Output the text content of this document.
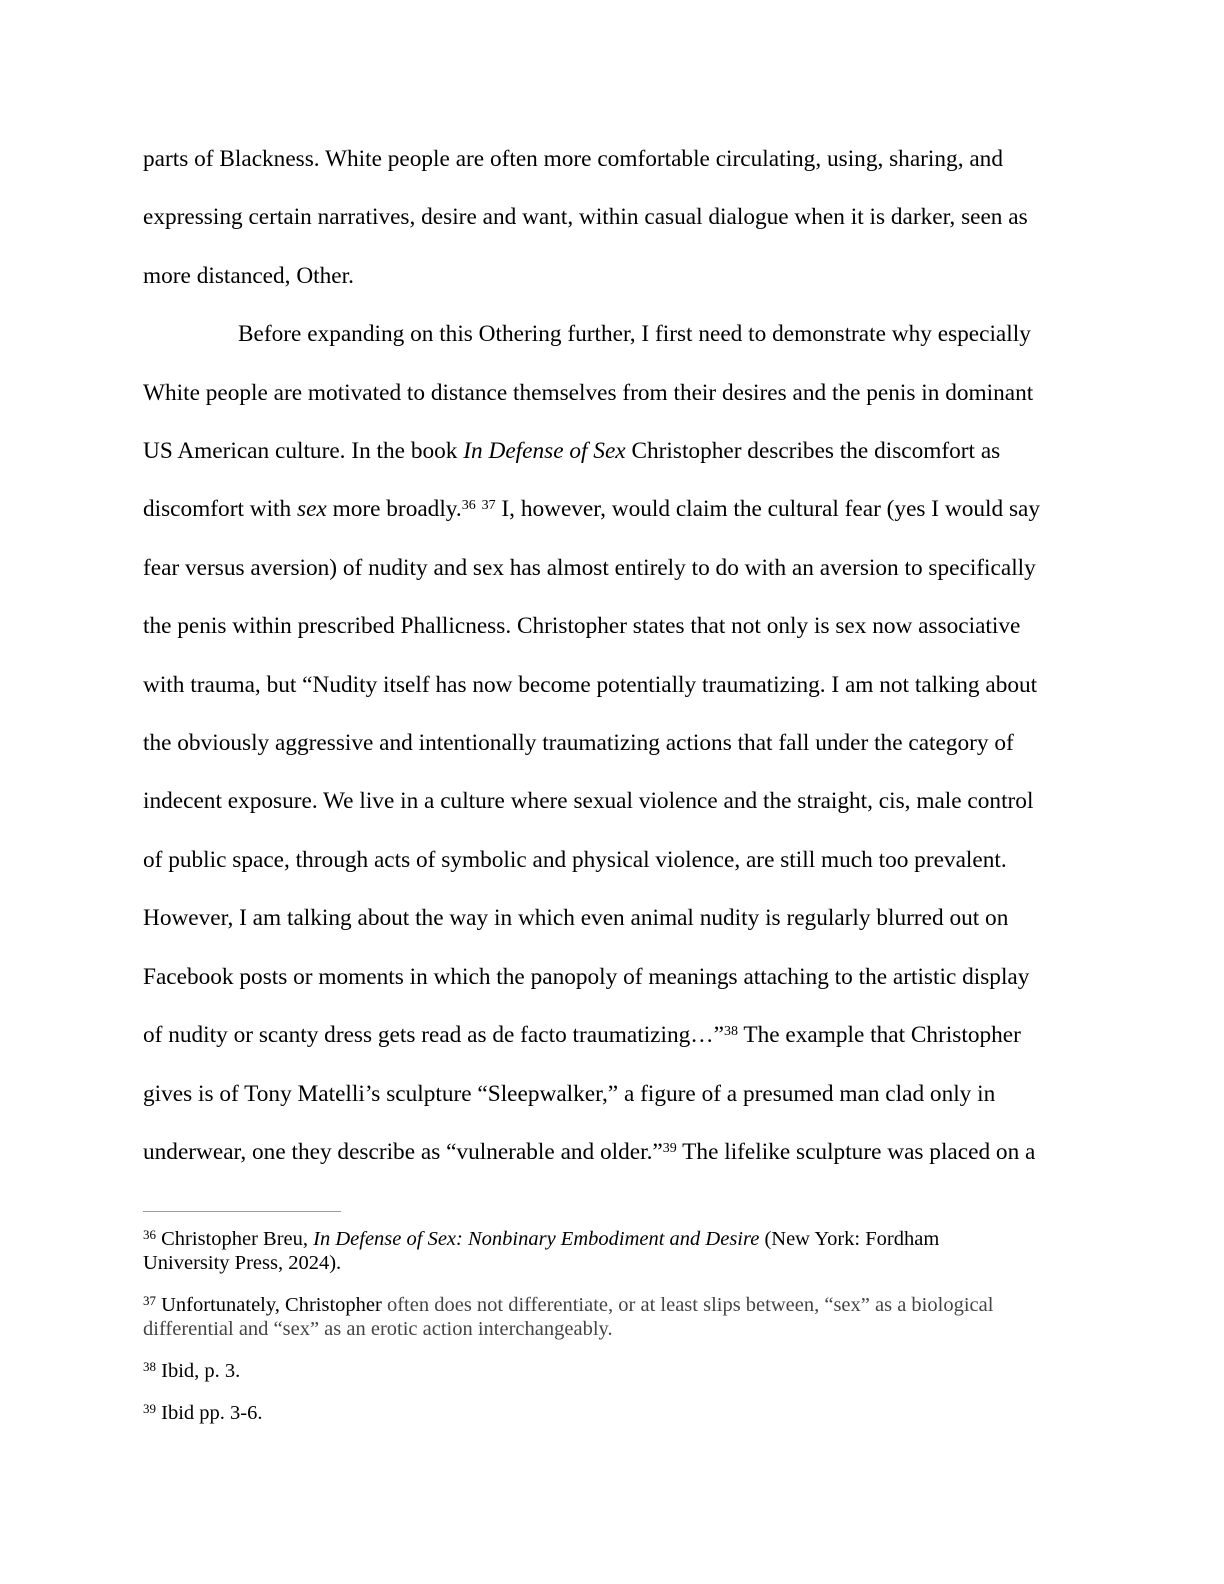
parts of Blackness. White people are often more comfortable circulating, using, sharing, and
expressing certain narratives, desire and want, within casual dialogue when it is darker, seen as
more distanced, Other.
Before expanding on this Othering further, I first need to demonstrate why especially
White people are motivated to distance themselves from their desires and the penis in dominant
US American culture. In the book In Defense of Sex Christopher describes the discomfort as
discomfort with sex more broadly.$^{36}$ $^{37}$ I, however, would claim the cultural fear (yes I would say
fear versus aversion) of nudity and sex has almost entirely to do with an aversion to specifically
the penis within prescribed Phallicness. Christopher states that not only is sex now associative
with trauma, but “Nudity itself has now become potentially traumatizing. I am not talking about
the obviously aggressive and intentionally traumatizing actions that fall under the category of
indecent exposure. We live in a culture where sexual violence and the straight, cis, male control
of public space, through acts of symbolic and physical violence, are still much too prevalent.
However, I am talking about the way in which even animal nudity is regularly blurred out on
Facebook posts or moments in which the panopoly of meanings attaching to the artistic display
of nudity or scanty dress gets read as de facto traumatizing…”$^{38}$ The example that Christopher
gives is of Tony Matelli’s sculpture “Sleepwalker,” a figure of a presumed man clad only in
underwear, one they describe as “vulnerable and older.”$^{39}$ The lifelike sculpture was placed on a
$^{36}$ Christopher Breu, In Defense of Sex: Nonbinary Embodiment and Desire (New York: Fordham
University Press, 2024).
$^{37}$ Unfortunately, Christopher often does not differentiate, or at least slips between, “sex” as a biological
differential and “sex” as an erotic action interchangeably.
$^{38}$ Ibid, p. 3.
$^{39}$ Ibid pp. 3-6.
